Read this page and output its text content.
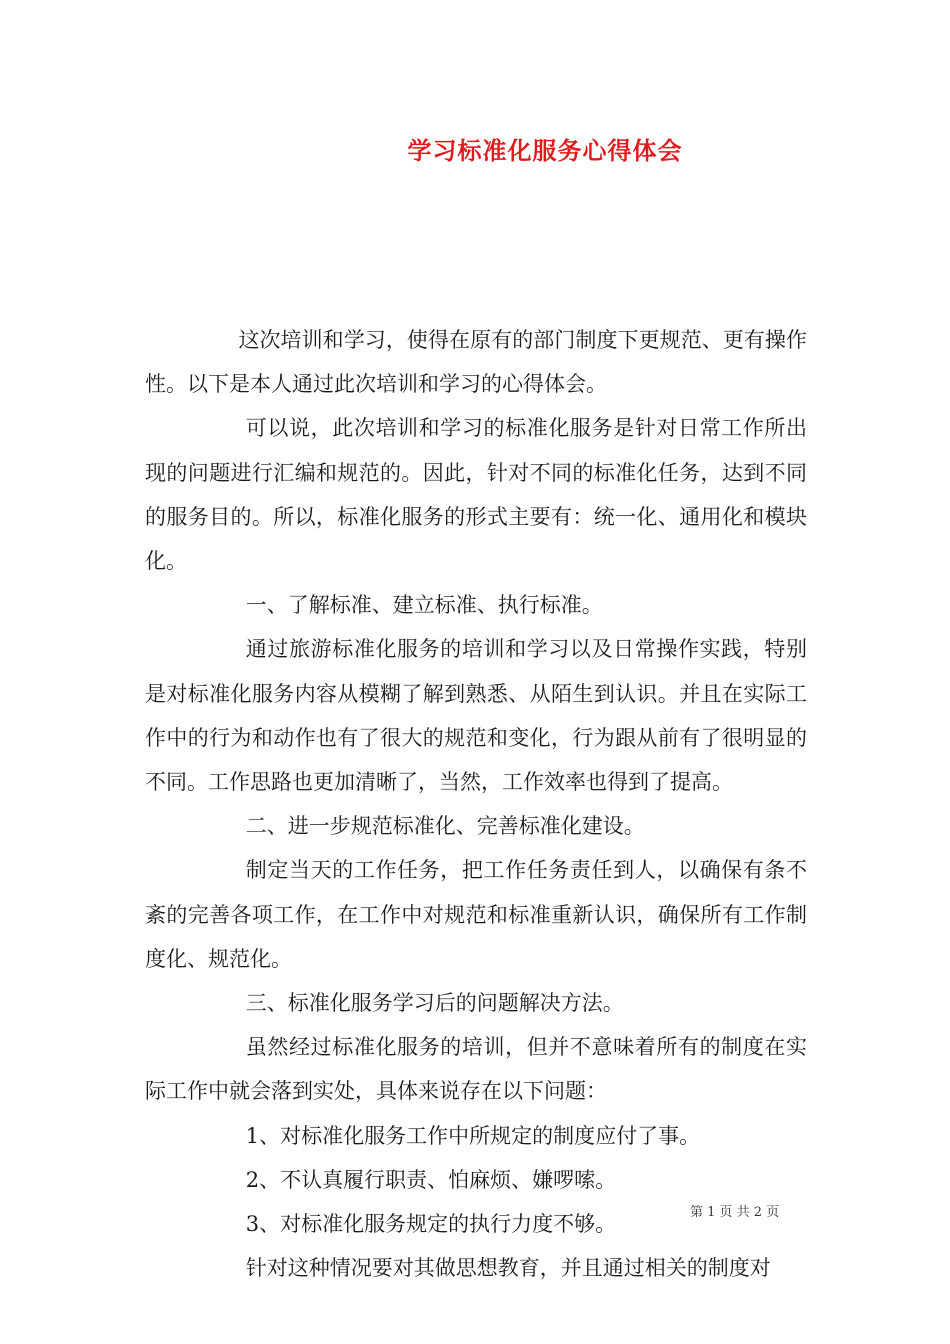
学习标准化服务心得体会

这次培训和学习，使得在原有的部门制度下更规范、更有操作性。以下是本人通过此次培训和学习的心得体会。

可以说，此次培训和学习的标准化服务是针对日常工作所出现的问题进行汇编和规范的。因此，针对不同的标准化任务，达到不同的服务目的。所以，标准化服务的形式主要有：统一化、通用化和模块化。

一、了解标准、建立标准、执行标准。

通过旅游标准化服务的培训和学习以及日常操作实践，特别是对标准化服务内容从模糊了解到熟悉、从陌生到认识。并且在实际工作中的行为和动作也有了很大的规范和变化，行为跟从前有了很明显的不同。工作思路也更加清晰了，当然，工作效率也得到了提高。

二、进一步规范标准化、完善标准化建设。

制定当天的工作任务，把工作任务责任到人，以确保有条不紊的完善各项工作，在工作中对规范和标准重新认识，确保所有工作制度化、规范化。

三、标准化服务学习后的问题解决方法。

虽然经过标准化服务的培训，但并不意味着所有的制度在实际工作中就会落到实处，具体来说存在以下问题：

1、对标准化服务工作中所规定的制度应付了事。

2、不认真履行职责、怕麻烦、嫌啰嗦。

3、对标准化服务规定的执行力度不够。

针对这种情况要对其做思想教育，并且通过相关的制度对

第 1 页 共 2 页
